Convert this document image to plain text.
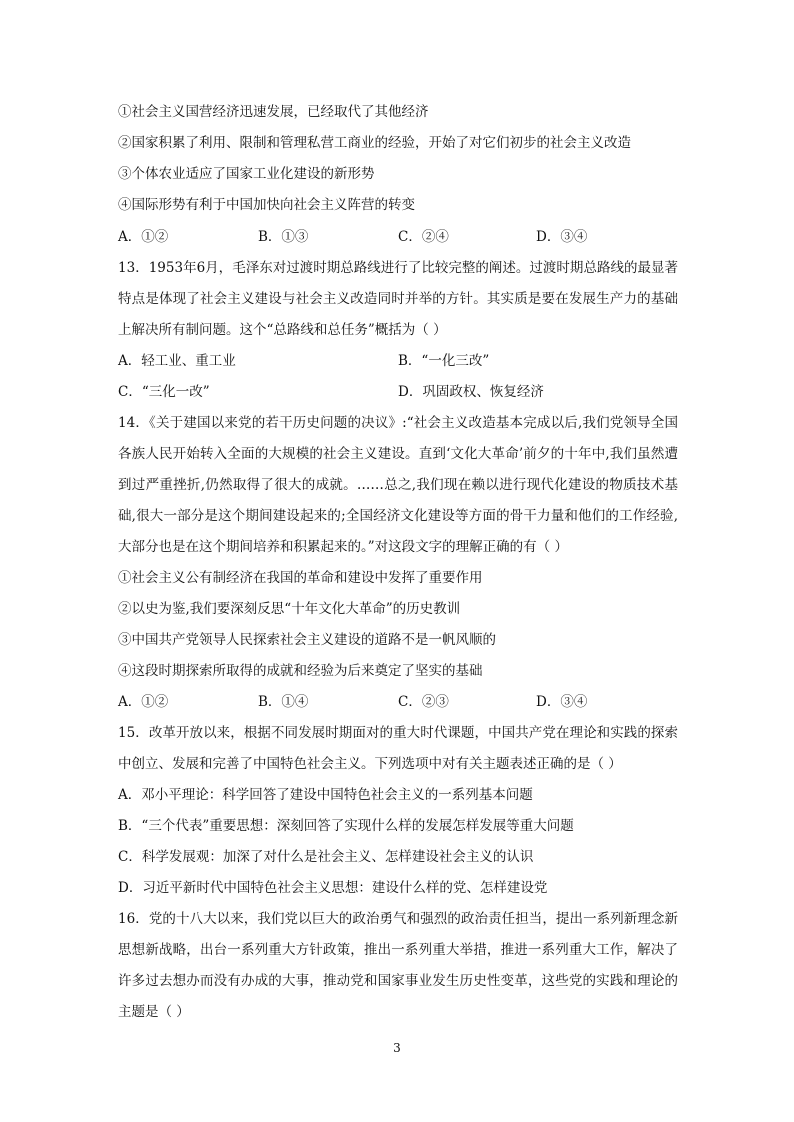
①社会主义国营经济迅速发展，已经取代了其他经济
②国家积累了利用、限制和管理私营工商业的经验，开始了对它们初步的社会主义改造
③个体农业适应了国家工业化建设的新形势
④国际形势有利于中国加快向社会主义阵营的转变
A．①②	B．①③	C．②④	D．③④
13．1953年6月，毛泽东对过渡时期总路线进行了比较完整的阐述。过渡时期总路线的最显著特点是体现了社会主义建设与社会主义改造同时并举的方针。其实质是要在发展生产力的基础上解决所有制问题。这个“总路线和总任务”概括为（ ）
A．轻工业、重工业	B．“一化三改”
C．“三化一改”	D．巩固政权、恢复经济
14．《关于建国以来党的若干历史问题的决议》:“社会主义改造基本完成以后,我们党领导全国各族人民开始转入全面的大规模的社会主义建设。直到‘文化大革命’前夕的十年中,我们虽然遭到过严重挫折,仍然取得了很大的成就。……总之,我们现在赖以进行现代化建设的物质技术基础,很大一部分是这个期间建设起来的;全国经济文化建设等方面的骨干力量和他们的工作经验,大部分也是在这个期间培养和积累起来的。”对这段文字的理解正确的有（ ）
①社会主义公有制经济在我国的革命和建设中发挥了重要作用
②以史为鉴,我们要深刻反思“十年文化大革命”的历史教训
③中国共产党领导人民探索社会主义建设的道路不是一帆风顺的
④这段时期探索所取得的成就和经验为后来奠定了坚实的基础
A．①②	B．①④	C．②③	D．③④
15．改革开放以来，根据不同发展时期面对的重大时代课题，中国共产党在理论和实践的探索中创立、发展和完善了中国特色社会主义。下列选项中对有关主题表述正确的是（ ）
A．邓小平理论：科学回答了建设中国特色社会主义的一系列基本问题
B．“三个代表”重要思想：深刻回答了实现什么样的发展怎样发展等重大问题
C．科学发展观：加深了对什么是社会主义、怎样建设社会主义的认识
D．习近平新时代中国特色社会主义思想：建设什么样的党、怎样建设党
16．党的十八大以来，我们党以巨大的政治勇气和强烈的政治责任担当，提出一系列新理念新思想新战略，出台一系列重大方针政策，推出一系列重大举措，推进一系列重大工作，解决了许多过去想办而没有办成的大事，推动党和国家事业发生历史性变革，这些党的实践和理论的主题是（ ）
3
